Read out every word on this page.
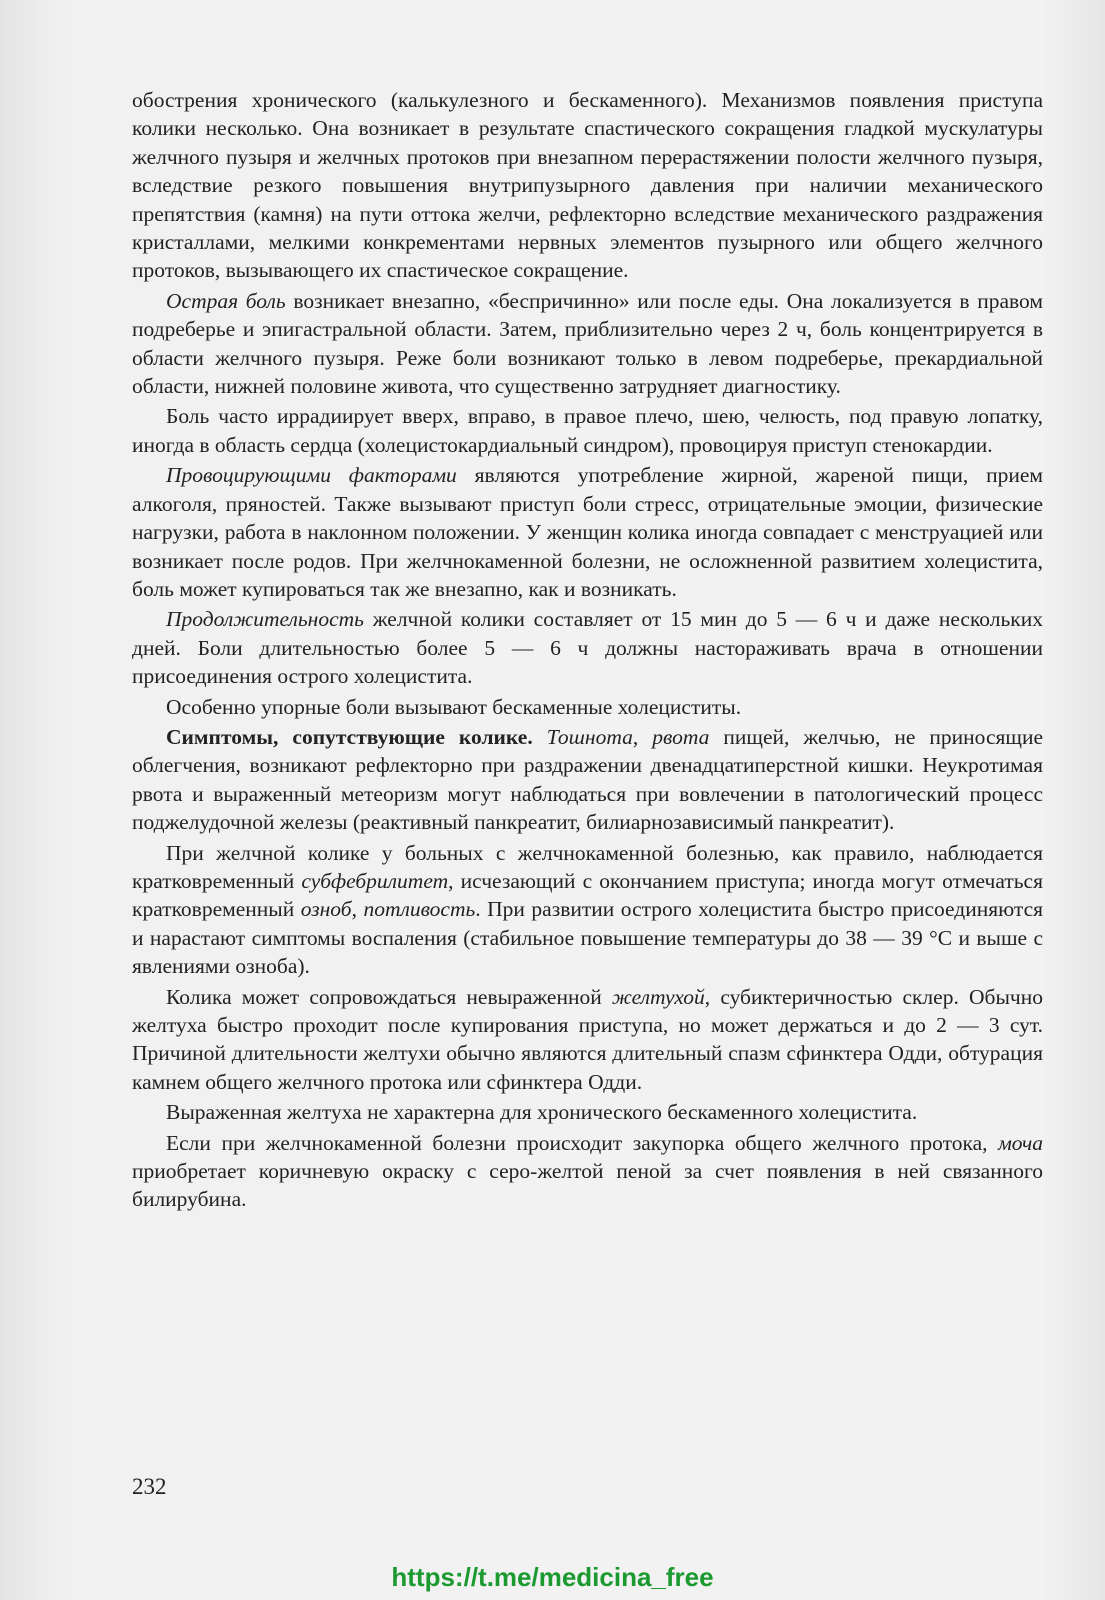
обострения хронического (калькулезного и бескаменного). Механизмов появления приступа колики несколько. Она возникает в результате спастического сокращения гладкой мускулатуры желчного пузыря и желчных протоков при внезапном перерастяжении полости желчного пузыря, вследствие резкого повышения внутрипузырного давления при наличии механического препятствия (камня) на пути оттока желчи, рефлекторно вследствие механического раздражения кристаллами, мелкими конкрементами нервных элементов пузырного или общего желчного протоков, вызывающего их спастическое сокращение.

Острая боль возникает внезапно, «беспричинно» или после еды. Она локализуется в правом подреберье и эпигастральной области. Затем, приблизительно через 2 ч, боль концентрируется в области желчного пузыря. Реже боли возникают только в левом подреберье, прекардиальной области, нижней половине живота, что существенно затрудняет диагностику.

Боль часто иррадиирует вверх, вправо, в правое плечо, шею, челюсть, под правую лопатку, иногда в область сердца (холецистокардиальный синдром), провоцируя приступ стенокардии.

Провоцирующими факторами являются употребление жирной, жареной пищи, прием алкоголя, пряностей. Также вызывают приступ боли стресс, отрицательные эмоции, физические нагрузки, работа в наклонном положении. У женщин колика иногда совпадает с менструацией или возникает после родов. При желчнокаменной болезни, не осложненной развитием холецистита, боль может купироваться так же внезапно, как и возникать.

Продолжительность желчной колики составляет от 15 мин до 5 — 6 ч и даже нескольких дней. Боли длительностью более 5 — 6 ч должны настораживать врача в отношении присоединения острого холецистита.

Особенно упорные боли вызывают бескаменные холециститы.

Симптомы, сопутствующие колике. Тошнота, рвота пищей, желчью, не приносящие облегчения, возникают рефлекторно при раздражении двенадцатиперстной кишки. Неукротимая рвота и выраженный метеоризм могут наблюдаться при вовлечении в патологический процесс поджелудочной железы (реактивный панкреатит, билиарнозависимый панкреатит).

При желчной колике у больных с желчнокаменной болезнью, как правило, наблюдается кратковременный субфебрилитет, исчезающий с окончанием приступа; иногда могут отмечаться кратковременный озноб, потливость. При развитии острого холецистита быстро присоединяются и нарастают симптомы воспаления (стабильное повышение температуры до 38 — 39 °С и выше с явлениями озноба).

Колика может сопровождаться невыраженной желтухой, субиктеричностью склер. Обычно желтуха быстро проходит после купирования приступа, но может держаться и до 2 — 3 сут. Причиной длительности желтухи обычно являются длительный спазм сфинктера Одди, обтурация камнем общего желчного протока или сфинктера Одди.

Выраженная желтуха не характерна для хронического бескаменного холецистита.

Если при желчнокаменной болезни происходит закупорка общего желчного протока, моча приобретает коричневую окраску с серо-желтой пеной за счет появления в ней связанного билирубина.

232
https://t.me/medicina_free
